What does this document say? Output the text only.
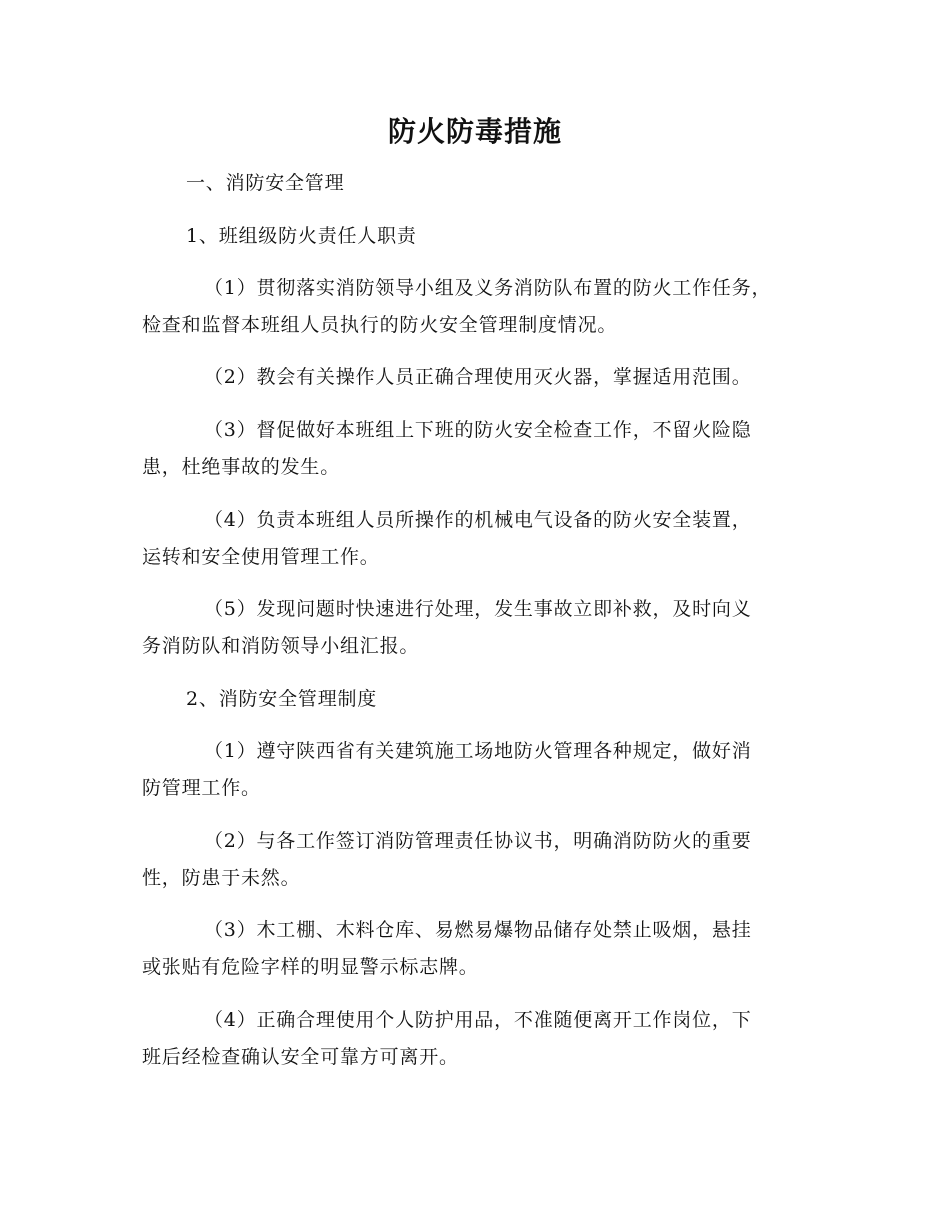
防火防毒措施
一、消防安全管理
1、班组级防火责任人职责
（1）贯彻落实消防领导小组及义务消防队布置的防火工作任务，
检查和监督本班组人员执行的防火安全管理制度情况。
（2）教会有关操作人员正确合理使用灭火器，掌握适用范围。
（3）督促做好本班组上下班的防火安全检查工作，不留火险隐
患，杜绝事故的发生。
（4）负责本班组人员所操作的机械电气设备的防火安全装置，
运转和安全使用管理工作。
（5）发现问题时快速进行处理，发生事故立即补救，及时向义
务消防队和消防领导小组汇报。
2、消防安全管理制度
（1）遵守陕西省有关建筑施工场地防火管理各种规定，做好消
防管理工作。
（2）与各工作签订消防管理责任协议书，明确消防防火的重要
性，防患于未然。
（3）木工棚、木料仓库、易燃易爆物品储存处禁止吸烟，悬挂
或张贴有危险字样的明显警示标志牌。
（4）正确合理使用个人防护用品，不准随便离开工作岗位，下
班后经检查确认安全可靠方可离开。
